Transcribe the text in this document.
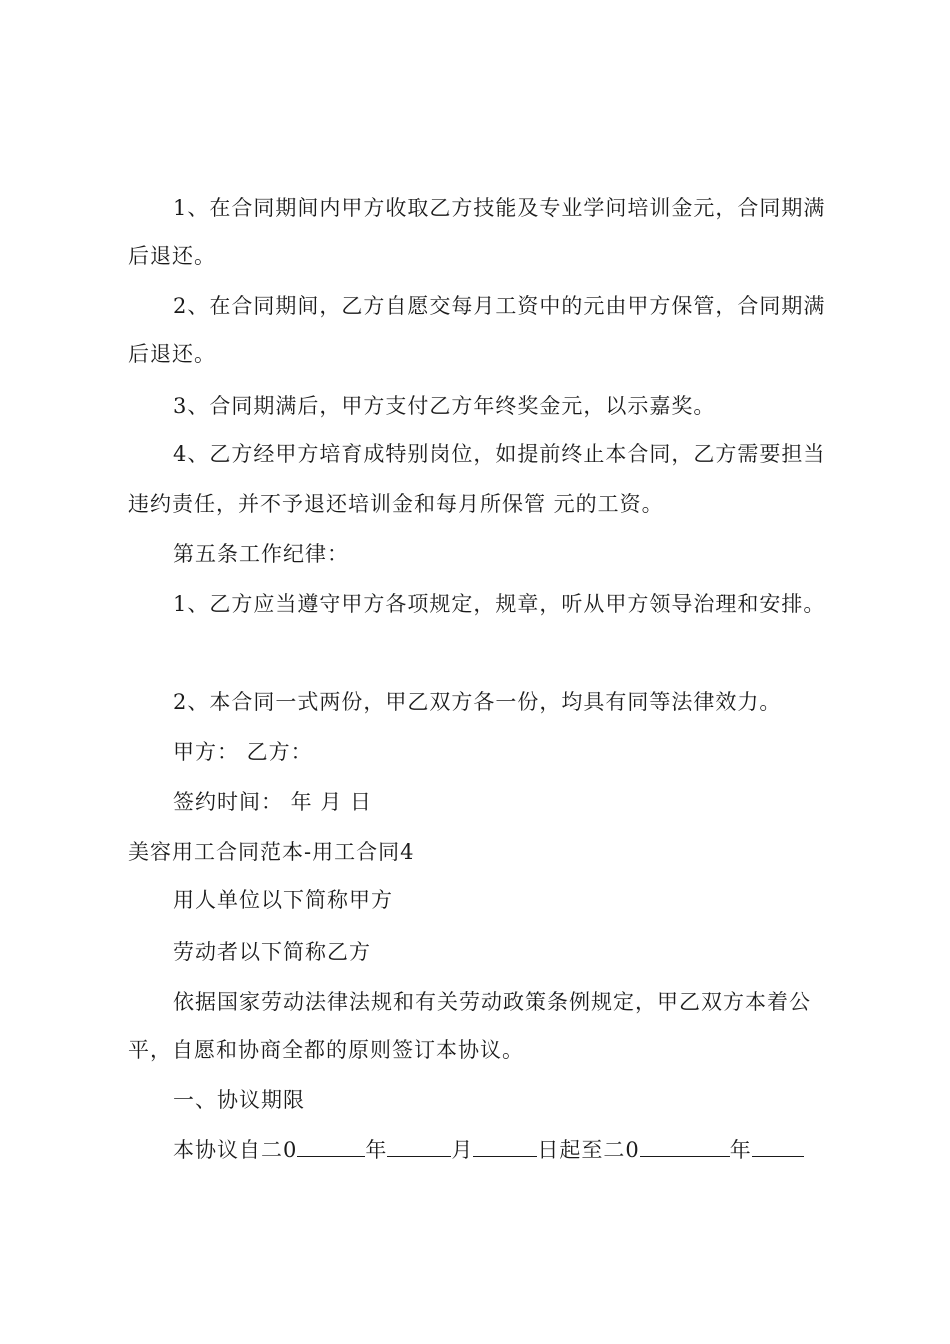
1、在合同期间内甲方收取乙方技能及专业学问培训金元，合同期满
后退还。
2、在合同期间，乙方自愿交每月工资中的元由甲方保管，合同期满
后退还。
3、合同期满后，甲方支付乙方年终奖金元，以示嘉奖。
4、乙方经甲方培育成特别岗位，如提前终止本合同，乙方需要担当
违约责任，并不予退还培训金和每月所保管 元的工资。
第五条工作纪律：
1、乙方应当遵守甲方各项规定，规章，听从甲方领导治理和安排。
2、本合同一式两份，甲乙双方各一份，均具有同等法律效力。
甲方： 乙方：
签约时间： 年 月 日
美容用工合同范本-用工合同4
用人单位以下简称甲方
劳动者以下简称乙方
依据国家劳动法律法规和有关劳动政策条例规定，甲乙双方本着公
平，自愿和协商全都的原则签订本协议。
一、协议期限
本协议自二0	年	月	日起至二0	年
